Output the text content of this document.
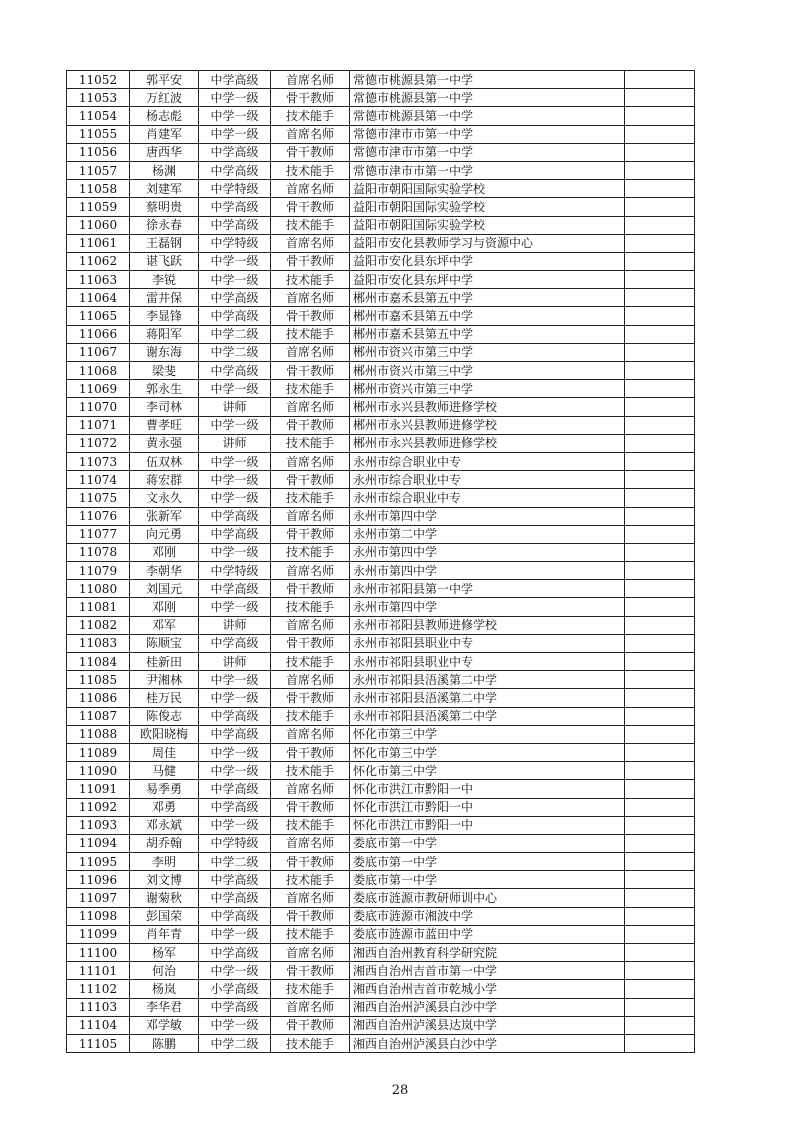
11052	郭平安	中学高级	首席名师	常德市桃源县第一中学	
11053	万红波	中学一级	骨干教师	常德市桃源县第一中学	
11054	杨志彪	中学一级	技术能手	常德市桃源县第一中学	
11055	肖建军	中学一级	首席名师	常德市津市市第一中学	
11056	唐西华	中学高级	骨干教师	常德市津市市第一中学	
11057	杨渊	中学高级	技术能手	常德市津市市第一中学	
11058	刘建军	中学特级	首席名师	益阳市朝阳国际实验学校	
11059	蔡明贵	中学高级	骨干教师	益阳市朝阳国际实验学校	
11060	徐永春	中学高级	技术能手	益阳市朝阳国际实验学校	
11061	王磊钢	中学特级	首席名师	益阳市安化县教师学习与资源中心	
11062	谌飞跃	中学一级	骨干教师	益阳市安化县东坪中学	
11063	李锐	中学一级	技术能手	益阳市安化县东坪中学	
11064	雷井保	中学高级	首席名师	郴州市嘉禾县第五中学	
11065	李显锋	中学高级	骨干教师	郴州市嘉禾县第五中学	
11066	蒋阳军	中学二级	技术能手	郴州市嘉禾县第五中学	
11067	谢东海	中学二级	首席名师	郴州市资兴市第三中学	
11068	梁斐	中学高级	骨干教师	郴州市资兴市第三中学	
11069	郭永生	中学一级	技术能手	郴州市资兴市第三中学	
11070	李司林	讲师	首席名师	郴州市永兴县教师进修学校	
11071	曹孝旺	中学一级	骨干教师	郴州市永兴县教师进修学校	
11072	黄永强	讲师	技术能手	郴州市永兴县教师进修学校	
11073	伍双林	中学一级	首席名师	永州市综合职业中专	
11074	蒋宏群	中学一级	骨干教师	永州市综合职业中专	
11075	文永久	中学一级	技术能手	永州市综合职业中专	
11076	张新军	中学高级	首席名师	永州市第四中学	
11077	向元勇	中学高级	骨干教师	永州市第二中学	
11078	邓刚	中学一级	技术能手	永州市第四中学	
11079	李朝华	中学特级	首席名师	永州市第四中学	
11080	刘国元	中学高级	骨干教师	永州市祁阳县第一中学	
11081	邓刚	中学一级	技术能手	永州市第四中学	
11082	邓军	讲师	首席名师	永州市祁阳县教师进修学校	
11083	陈顺宝	中学高级	骨干教师	永州市祁阳县职业中专	
11084	桂新田	讲师	技术能手	永州市祁阳县职业中专	
11085	尹湘林	中学一级	首席名师	永州市祁阳县浯溪第二中学	
11086	桂万民	中学一级	骨干教师	永州市祁阳县浯溪第二中学	
11087	陈俊志	中学高级	技术能手	永州市祁阳县浯溪第二中学	
11088	欧阳晓梅	中学高级	首席名师	怀化市第三中学	
11089	周佳	中学一级	骨干教师	怀化市第三中学	
11090	马健	中学一级	技术能手	怀化市第三中学	
11091	易季勇	中学高级	首席名师	怀化市洪江市黔阳一中	
11092	邓勇	中学高级	骨干教师	怀化市洪江市黔阳一中	
11093	邓永斌	中学一级	技术能手	怀化市洪江市黔阳一中	
11094	胡乔翰	中学特级	首席名师	娄底市第一中学	
11095	李明	中学二级	骨干教师	娄底市第一中学	
11096	刘文博	中学高级	技术能手	娄底市第一中学	
11097	谢菊秋	中学高级	首席名师	娄底市涟源市教研师训中心	
11098	彭国荣	中学高级	骨干教师	娄底市涟源市湘波中学	
11099	肖年青	中学一级	技术能手	娄底市涟源市蓝田中学	
11100	杨军	中学高级	首席名师	湘西自治州教育科学研究院	
11101	何治	中学一级	骨干教师	湘西自治州吉首市第一中学	
11102	杨岚	小学高级	技术能手	湘西自治州吉首市乾城小学	
11103	李华君	中学高级	首席名师	湘西自治州泸溪县白沙中学	
11104	邓学敏	中学一级	骨干教师	湘西自治州泸溪县达岚中学	
11105	陈鹏	中学二级	技术能手	湘西自治州泸溪县白沙中学	
28
